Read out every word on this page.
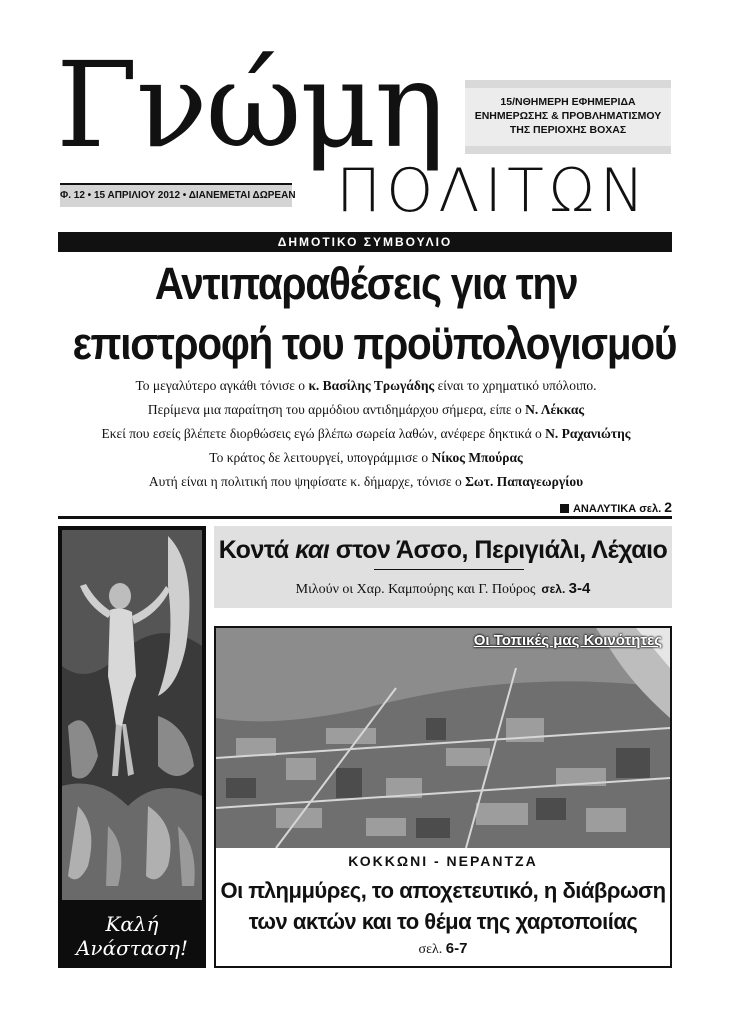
Γνώμη
ΠΟΛΙΤΩΝ
15/ΝΘΗΜΕΡΗ ΕΦΗΜΕΡΙΔΑ
ΕΝΗΜΕΡΩΣΗΣ & ΠΡΟΒΛΗΜΑΤΙΣΜΟΥ
ΤΗΣ ΠΕΡΙΟΧΗΣ ΒΟΧΑΣ
Φ. 12 • 15 ΑΠΡΙΛΙΟΥ 2012 • ΔΙΑΝΕΜΕΤΑΙ ΔΩΡΕΑΝ
ΔΗΜΟΤΙΚΟ ΣΥΜΒΟΥΛΙΟ
Αντιπαραθέσεις για την
επιστροφή του προϋπολογισμού
Το μεγαλύτερο αγκάθι τόνισε ο κ. Βασίλης Τρωγάδης είναι το χρηματικό υπόλοιπο.
Περίμενα μια παραίτηση του αρμόδιου αντιδημάρχου σήμερα, είπε ο Ν. Λέκκας
Εκεί που εσείς βλέπετε διορθώσεις εγώ βλέπω σωρεία λαθών, ανέφερε δηκτικά ο Ν. Ραχανιώτης
Το κράτος δε λειτουργεί, υπογράμμισε ο Νίκος Μπούρας
Αυτή είναι η πολιτική που ψηφίσατε κ. δήμαρχε, τόνισε ο Σωτ. Παπαγεωργίου
ΑΝΑΛΥΤΙΚΑ σελ. 2
Καλή
Ανάσταση!
Κοντά και στον Άσσο, Περιγιάλι, Λέχαιο
Μιλούν οι Χαρ. Καμπούρης και Γ. Πούρος σελ. 3-4
Οι Τοπικές μας Κοινότητες
ΚΟΚΚΩΝΙ - ΝΕΡΑΝΤΖΑ
Οι πλημμύρες, το αποχετευτικό, η διάβρωση
των ακτών και το θέμα της χαρτοποιίας
σελ. 6-7
